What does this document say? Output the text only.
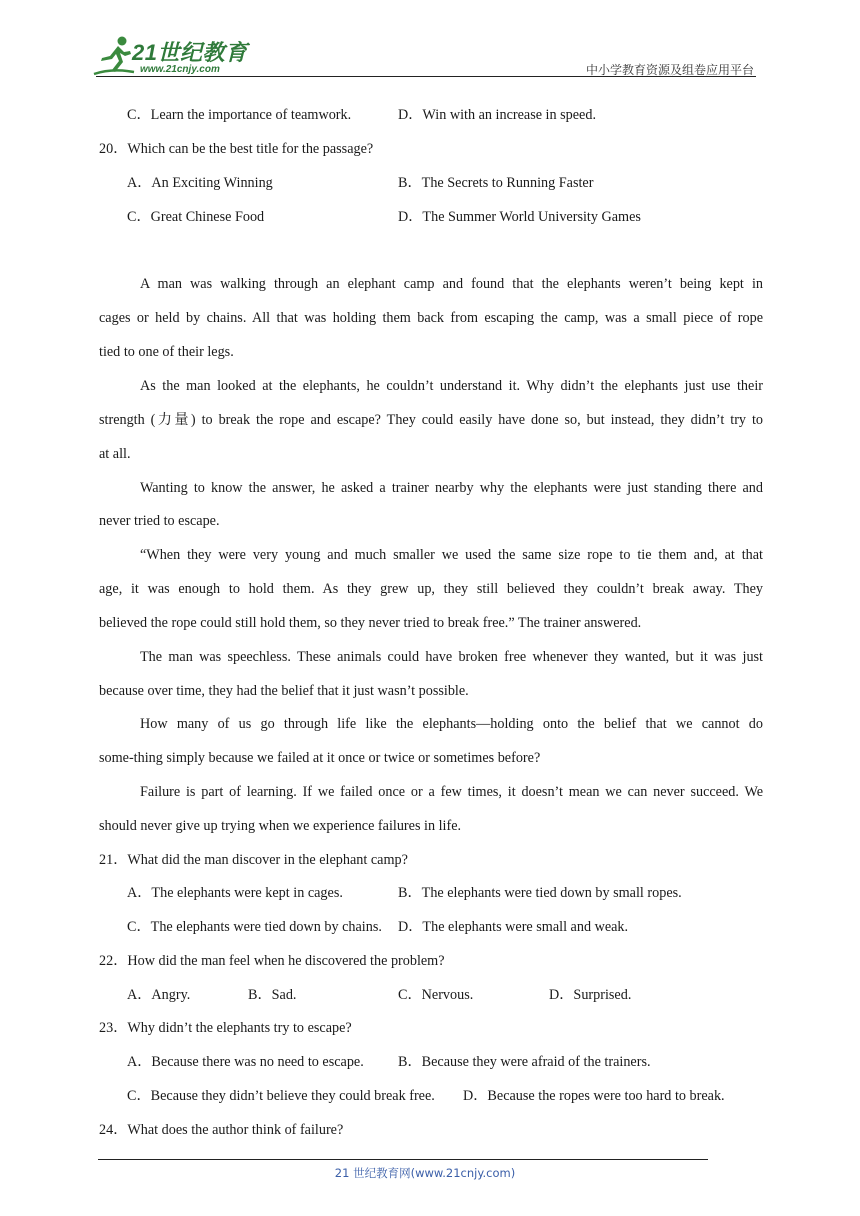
21世纪教育
www.21cnjy.com	中小学教育资源及组卷应用平台
C．Learn the importance of teamwork.	D．Win with an increase in speed.
20．Which can be the best title for the passage?
A．An Exciting Winning	B．The Secrets to Running Faster
C．Great Chinese Food	D．The Summer World University Games
A man was walking through an elephant camp and found that the elephants weren’t being kept in
cages or held by chains. All that was holding them back from escaping the camp, was a small piece of rope
tied to one of their legs.
As the man looked at the elephants, he couldn’t understand it. Why didn’t the elephants just use their
strength (力量) to break the rope and escape? They could easily have done so, but instead, they didn’t try to
at all.
Wanting to know the answer, he asked a trainer nearby why the elephants were just standing there and
never tried to escape.
“When they were very young and much smaller we used the same size rope to tie them and, at that
age, it was enough to hold them. As they grew up, they still believed they couldn’t break away. They
believed the rope could still hold them, so they never tried to break free.” The trainer answered.
The man was speechless. These animals could have broken free whenever they wanted, but it was just
because over time, they had the belief that it just wasn’t possible.
How many of us go through life like the elephants—holding onto the belief that we cannot do
some-thing simply because we failed at it once or twice or sometimes before?
Failure is part of learning. If we failed once or a few times, it doesn’t mean we can never succeed. We
should never give up trying when we experience failures in life.
21．What did the man discover in the elephant camp?
A．The elephants were kept in cages.	B．The elephants were tied down by small ropes.
C．The elephants were tied down by chains. D．The elephants were small and weak.
22．How did the man feel when he discovered the problem?
A．Angry.	B．Sad.	C．Nervous.	D．Surprised.
23．Why didn’t the elephants try to escape?
A．Because there was no need to escape. B．Because they were afraid of the trainers.
C．Because they didn’t believe they could break free. D．Because the ropes were too hard to break.
24．What does the author think of failure?
21 世纪教育网(www.21cnjy.com)
